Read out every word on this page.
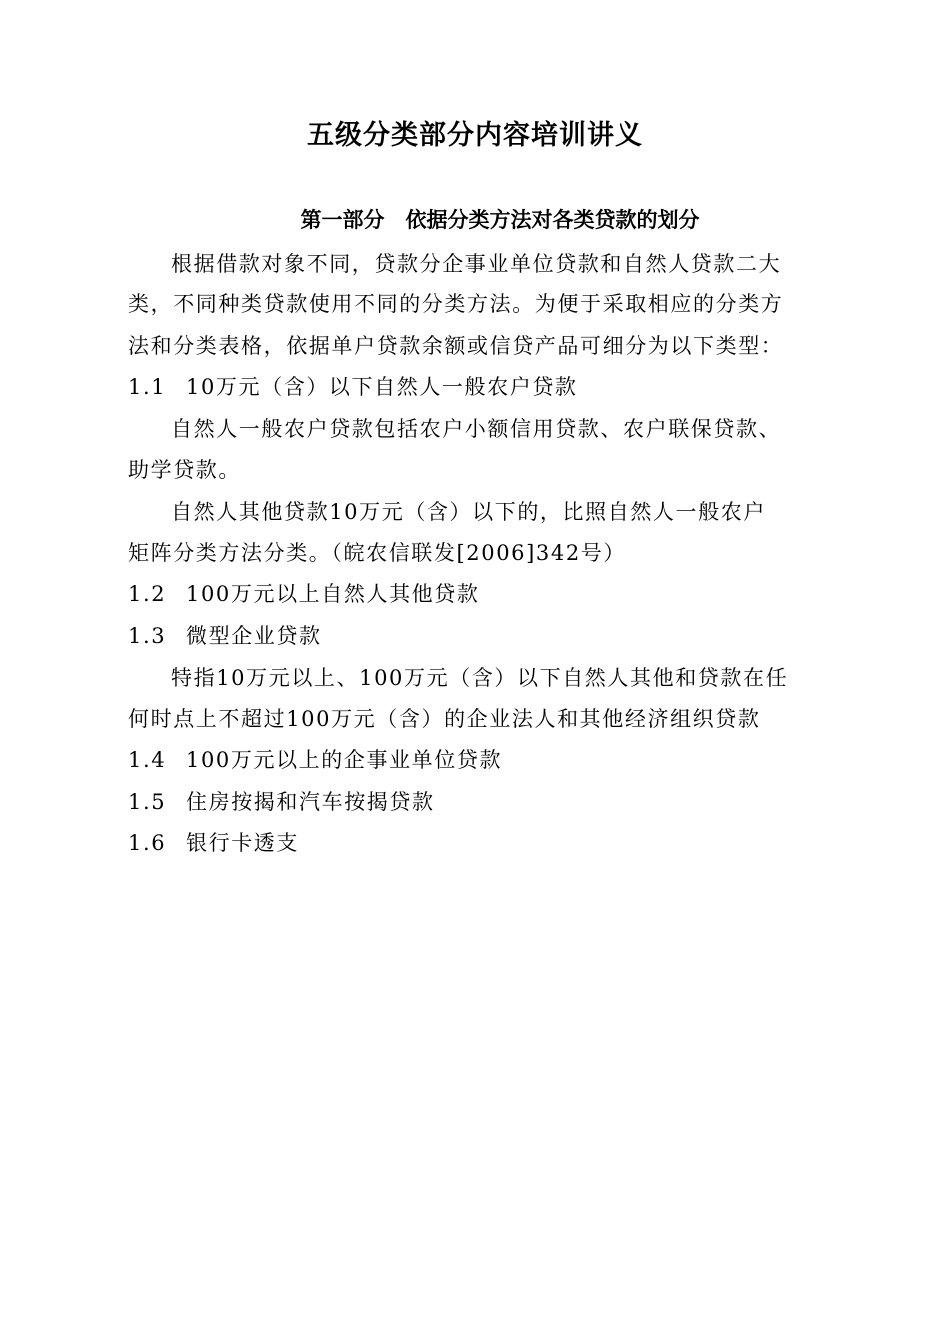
五级分类部分内容培训讲义
第一部分　依据分类方法对各类贷款的划分

根据借款对象不同，贷款分企事业单位贷款和自然人贷款二大

类，不同种类贷款使用不同的分类方法。为便于采取相应的分类方

法和分类表格，依据单户贷款余额或信贷产品可细分为以下类型：

1.1 10万元（含）以下自然人一般农户贷款

自然人一般农户贷款包括农户小额信用贷款、农户联保贷款、

助学贷款。

自然人其他贷款10万元（含）以下的，比照自然人一般农户

矩阵分类方法分类。（皖农信联发[2006]342号）

1.2 100万元以上自然人其他贷款

1.3 微型企业贷款

特指10万元以上、100万元（含）以下自然人其他和贷款在任

何时点上不超过100万元（含）的企业法人和其他经济组织贷款

1.4 100万元以上的企事业单位贷款

1.5 住房按揭和汽车按揭贷款

1.6 银行卡透支
